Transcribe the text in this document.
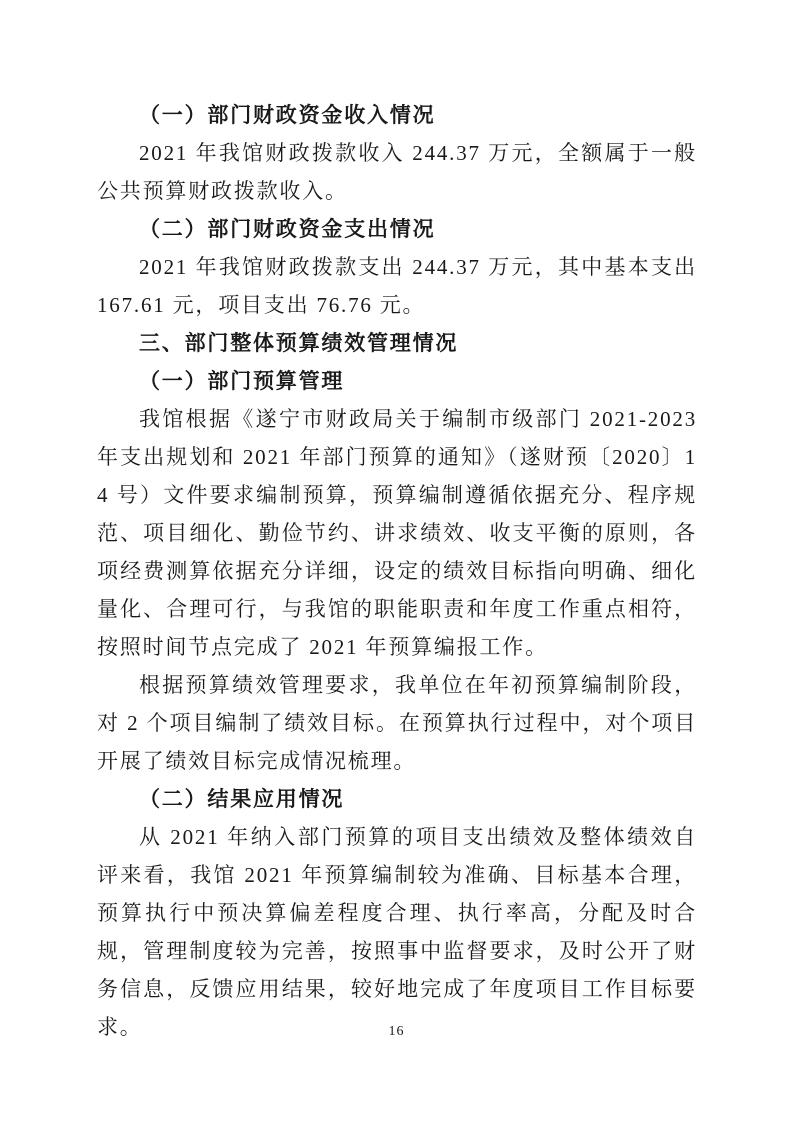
（一）部门财政资金收入情况

2021 年我馆财政拨款收入 244.37 万元，全额属于一般公共预算财政拨款收入。

（二）部门财政资金支出情况

2021 年我馆财政拨款支出 244.37 万元，其中基本支出 167.61 元，项目支出 76.76 元。

三、部门整体预算绩效管理情况
（一）部门预算管理

我馆根据《遂宁市财政局关于编制市级部门 2021-2023 年支出规划和 2021 年部门预算的通知》（遂财预〔2020〕14 号）文件要求编制预算，预算编制遵循依据充分、程序规范、项目细化、勤俭节约、讲求绩效、收支平衡的原则，各项经费测算依据充分详细，设定的绩效目标指向明确、细化量化、合理可行，与我馆的职能职责和年度工作重点相符，按照时间节点完成了 2021 年预算编报工作。

根据预算绩效管理要求，我单位在年初预算编制阶段，对 2 个项目编制了绩效目标。在预算执行过程中，对个项目开展了绩效目标完成情况梳理。

（二）结果应用情况

从 2021 年纳入部门预算的项目支出绩效及整体绩效自评来看，我馆 2021 年预算编制较为准确、目标基本合理，预算执行中预决算偏差程度合理、执行率高，分配及时合规，管理制度较为完善，按照事中监督要求，及时公开了财务信息，反馈应用结果，较好地完成了年度项目工作目标要求。	16
